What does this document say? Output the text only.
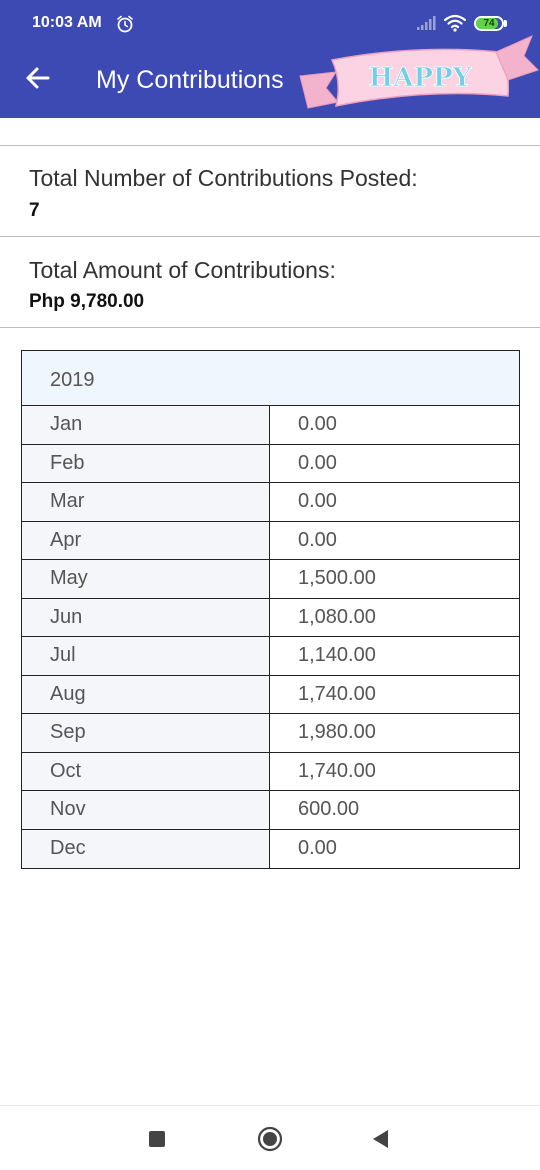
10:03 AM	74
My Contributions	HAPPY
Total Number of Contributions Posted:
7
Total Amount of Contributions:
Php 9,780.00
2019
Jan	0.00
Feb	0.00
Mar	0.00
Apr	0.00
May	1,500.00
Jun	1,080.00
Jul	1,140.00
Aug	1,740.00
Sep	1,980.00
Oct	1,740.00
Nov	600.00
Dec	0.00
